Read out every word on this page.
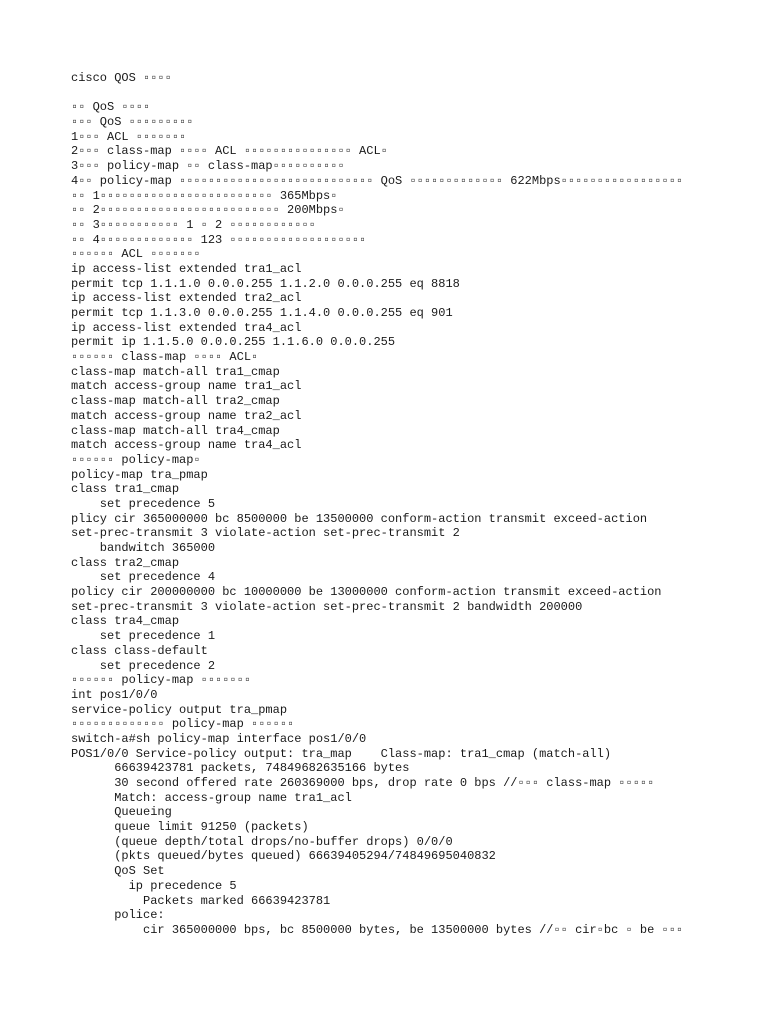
cisco QOS ▫▫▫▫
▫▫ QoS ▫▫▫▫
▫▫▫ QoS ▫▫▫▫▫▫▫▫▫
1▫▫▫ ACL ▫▫▫▫▫▫▫
2▫▫▫ class-map ▫▫▫▫ ACL ▫▫▫▫▫▫▫▫▫▫▫▫▫▫▫ ACL▫
3▫▫▫ policy-map ▫▫ class-map▫▫▫▫▫▫▫▫▫▫
4▫▫ policy-map ▫▫▫▫▫▫▫▫▫▫▫▫▫▫▫▫▫▫▫▫▫▫▫▫▫▫▫ QoS ▫▫▫▫▫▫▫▫▫▫▫▫▫ 622Mbps▫▫▫▫▫▫▫▫▫▫▫▫▫▫▫▫▫
▫▫ 1▫▫▫▫▫▫▫▫▫▫▫▫▫▫▫▫▫▫▫▫▫▫▫▫ 365Mbps▫
▫▫ 2▫▫▫▫▫▫▫▫▫▫▫▫▫▫▫▫▫▫▫▫▫▫▫▫▫ 200Mbps▫
▫▫ 3▫▫▫▫▫▫▫▫▫▫▫ 1 ▫ 2 ▫▫▫▫▫▫▫▫▫▫▫▫
▫▫ 4▫▫▫▫▫▫▫▫▫▫▫▫▫ 123 ▫▫▫▫▫▫▫▫▫▫▫▫▫▫▫▫▫▫▫
▫▫▫▫▫▫ ACL ▫▫▫▫▫▫▫
ip access-list extended tra1_acl
permit tcp 1.1.1.0 0.0.0.255 1.1.2.0 0.0.0.255 eq 8818
ip access-list extended tra2_acl
permit tcp 1.1.3.0 0.0.0.255 1.1.4.0 0.0.0.255 eq 901
ip access-list extended tra4_acl
permit ip 1.1.5.0 0.0.0.255 1.1.6.0 0.0.0.255
▫▫▫▫▫▫ class-map ▫▫▫▫ ACL▫
class-map match-all tra1_cmap
match access-group name tra1_acl
class-map match-all tra2_cmap
match access-group name tra2_acl
class-map match-all tra4_cmap
match access-group name tra4_acl
▫▫▫▫▫▫ policy-map▫
policy-map tra_pmap
class tra1_cmap
set precedence 5
plicy cir 365000000 bc 8500000 be 13500000 conform-action transmit exceed-action
set-prec-transmit 3 violate-action set-prec-transmit 2
bandwitch 365000
class tra2_cmap
set precedence 4
policy cir 200000000 bc 10000000 be 13000000 conform-action transmit exceed-action
set-prec-transmit 3 violate-action set-prec-transmit 2 bandwidth 200000
class tra4_cmap
set precedence 1
class class-default
set precedence 2
▫▫▫▫▫▫ policy-map ▫▫▫▫▫▫▫
int pos1/0/0
service-policy output tra_pmap
▫▫▫▫▫▫▫▫▫▫▫▫▫ policy-map ▫▫▫▫▫▫
switch-a#sh policy-map interface pos1/0/0
POS1/0/0 Service-policy output: tra_map    Class-map: tra1_cmap (match-all)
66639423781 packets, 74849682635166 bytes
30 second offered rate 260369000 bps, drop rate 0 bps //▫▫▫ class-map ▫▫▫▫▫
Match: access-group name tra1_acl
Queueing
queue limit 91250 (packets)
(queue depth/total drops/no-buffer drops) 0/0/0
(pkts queued/bytes queued) 66639405294/74849695040832
QoS Set
ip precedence 5
Packets marked 66639423781
police:
cir 365000000 bps, bc 8500000 bytes, be 13500000 bytes //▫▫ cir▫bc ▫ be ▫▫▫
